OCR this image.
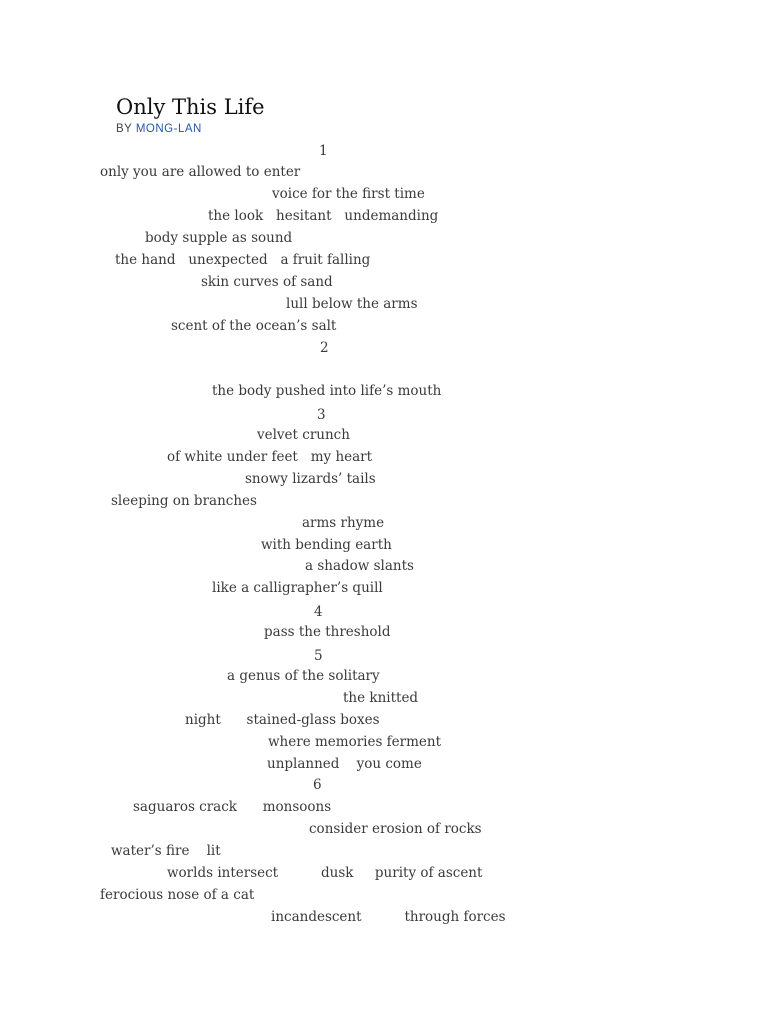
Only This Life
BY MONG-LAN
1
only you are allowed to enter
voice for the first time
the look   hesitant   undemanding
body supple as sound
the hand   unexpected   a fruit falling
skin curves of sand
lull below the arms
scent of the ocean’s salt
2
the body pushed into life’s mouth
3
velvet crunch
of white under feet   my heart
snowy lizards’ tails
sleeping on branches
arms rhyme
with bending earth
a shadow slants
like a calligrapher’s quill
4
pass the threshold
5
a genus of the solitary
the knitted
night      stained-glass boxes
where memories ferment
unplanned    you come
6
saguaros crack      monsoons
consider erosion of rocks
water’s fire    lit
worlds intersect          dusk     purity of ascent
ferocious nose of a cat
incandescent          through forces
